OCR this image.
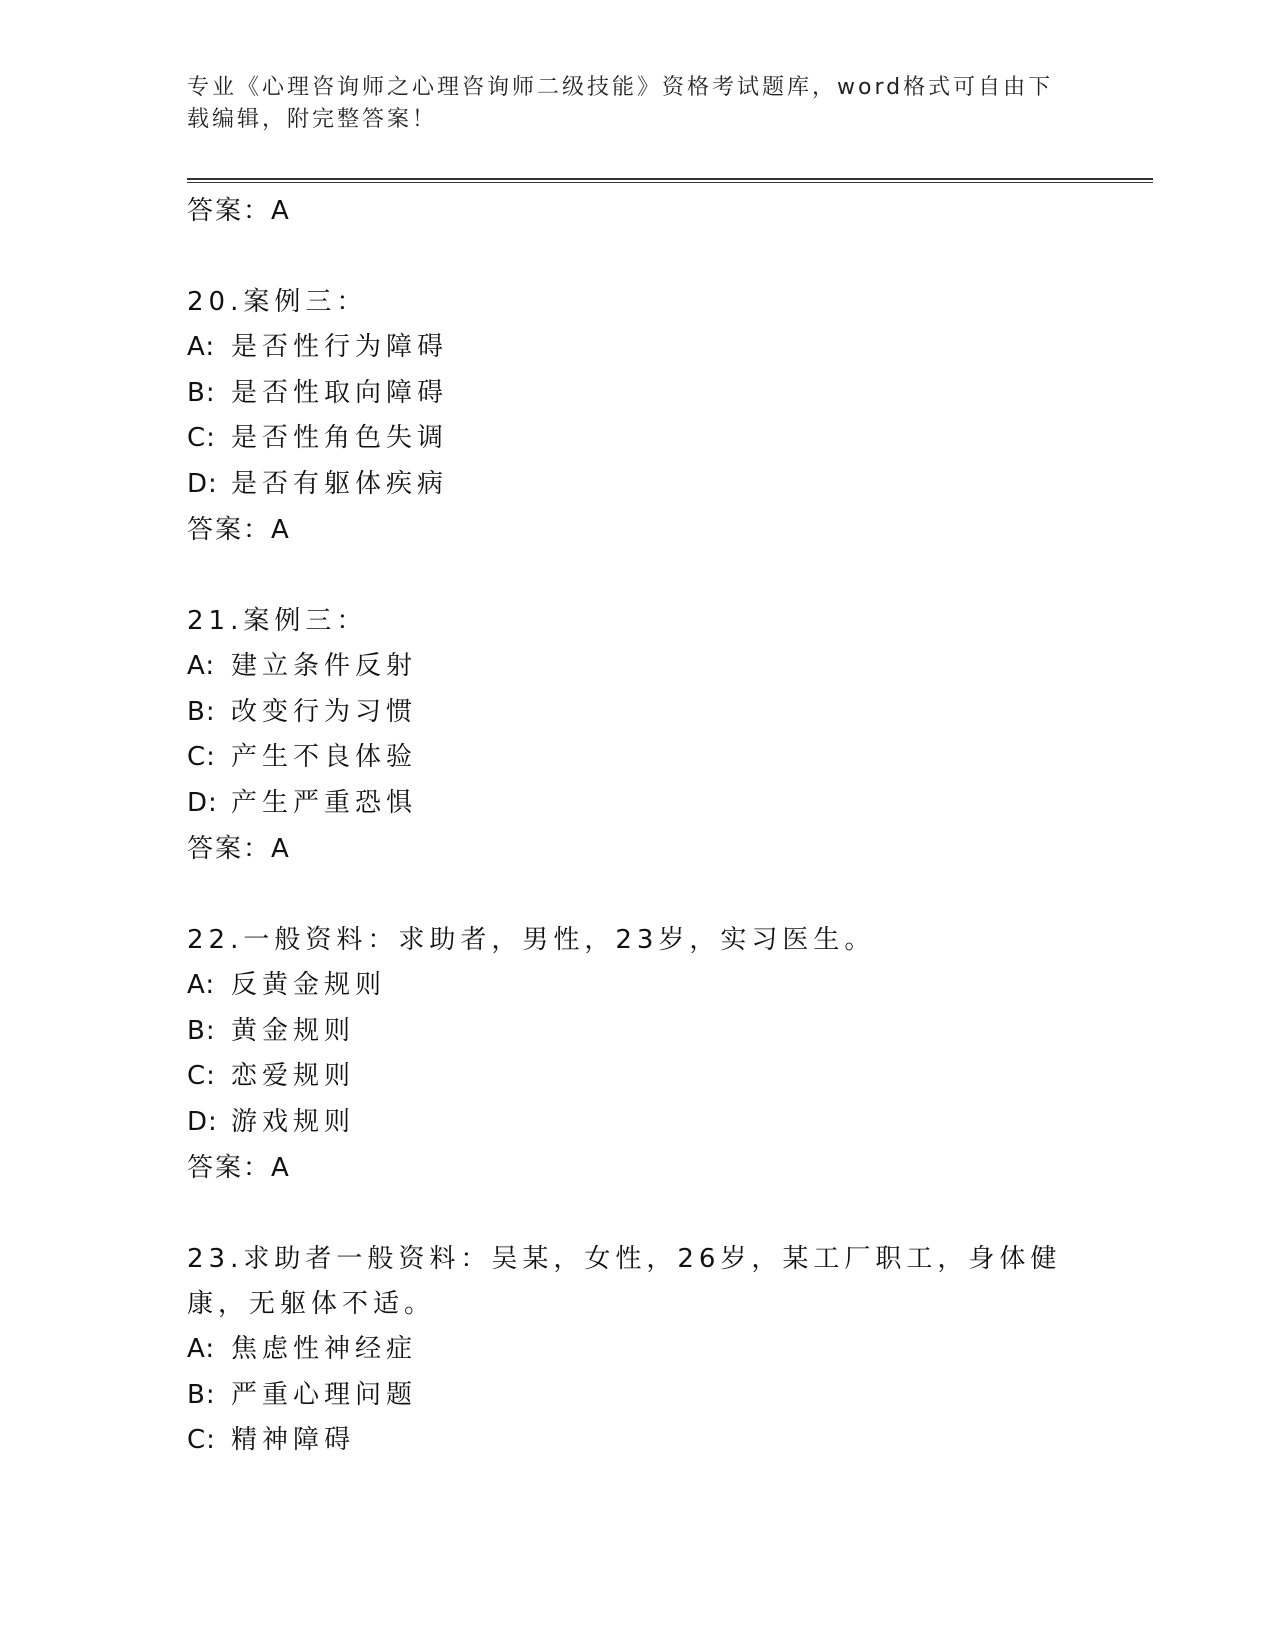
专业《心理咨询师之心理咨询师二级技能》资格考试题库，word格式可自由下载编辑，附完整答案！
答案：A
20.案例三：
A: 是否性行为障碍
B: 是否性取向障碍
C: 是否性角色失调
D: 是否有躯体疾病
答案：A
21.案例三：
A: 建立条件反射
B: 改变行为习惯
C: 产生不良体验
D: 产生严重恐惧
答案：A
22.一般资料：求助者，男性，23岁，实习医生。
A: 反黄金规则
B: 黄金规则
C: 恋爱规则
D: 游戏规则
答案：A
23.求助者一般资料：吴某，女性，26岁，某工厂职工，身体健康，无躯体不适。
A: 焦虑性神经症
B: 严重心理问题
C: 精神障碍
